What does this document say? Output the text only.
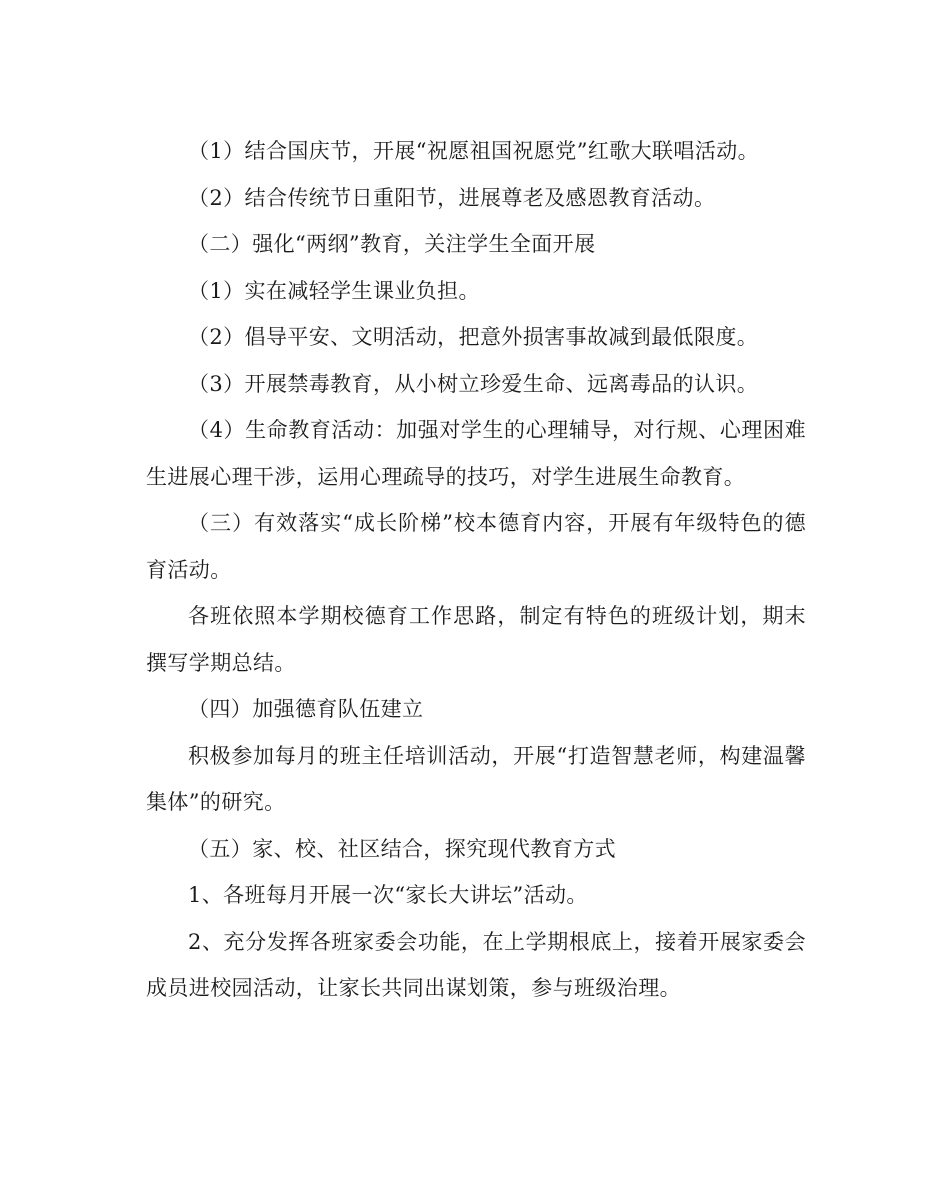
（1）结合国庆节，开展“祝愿祖国祝愿党”红歌大联唱活动。

（2）结合传统节日重阳节，进展尊老及感恩教育活动。

（二）强化“两纲”教育，关注学生全面开展

（1）实在减轻学生课业负担。

（2）倡导平安、文明活动，把意外损害事故减到最低限度。

（3）开展禁毒教育，从小树立珍爱生命、远离毒品的认识。

（4）生命教育活动：加强对学生的心理辅导，对行规、心理困难生进展心理干涉，运用心理疏导的技巧，对学生进展生命教育。

（三）有效落实“成长阶梯”校本德育内容，开展有年级特色的德育活动。

各班依照本学期校德育工作思路，制定有特色的班级计划，期末撰写学期总结。

（四）加强德育队伍建立

积极参加每月的班主任培训活动，开展“打造智慧老师，构建温馨集体”的研究。

（五）家、校、社区结合，探究现代教育方式

1、各班每月开展一次“家长大讲坛”活动。

2、充分发挥各班家委会功能，在上学期根底上，接着开展家委会成员进校园活动，让家长共同出谋划策，参与班级治理。
